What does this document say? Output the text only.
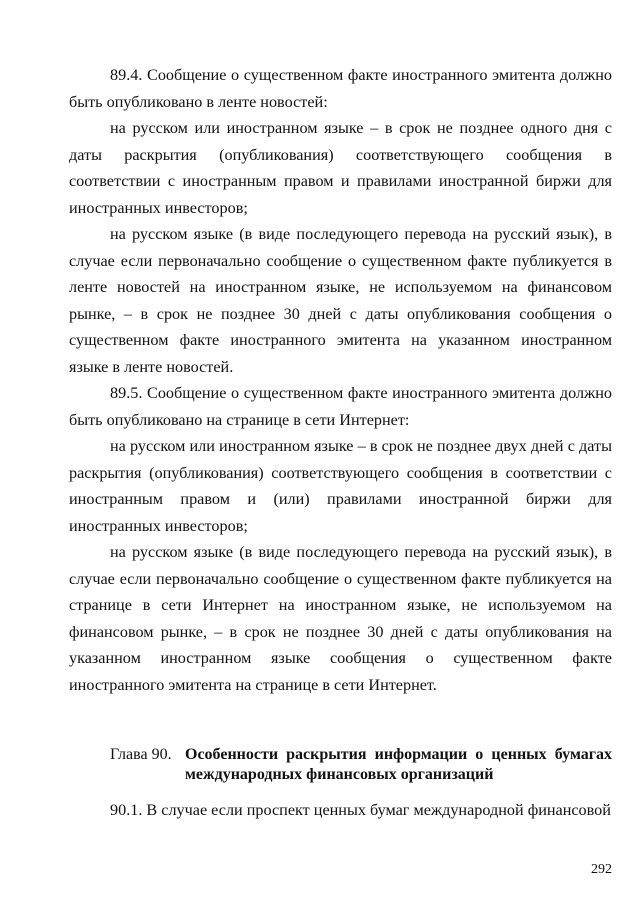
89.4. Сообщение о существенном факте иностранного эмитента должно быть опубликовано в ленте новостей:

на русском или иностранном языке – в срок не позднее одного дня с даты раскрытия (опубликования) соответствующего сообщения в соответствии с иностранным правом и правилами иностранной биржи для иностранных инвесторов;

на русском языке (в виде последующего перевода на русский язык), в случае если первоначально сообщение о существенном факте публикуется в ленте новостей на иностранном языке, не используемом на финансовом рынке, – в срок не позднее 30 дней с даты опубликования сообщения о существенном факте иностранного эмитента на указанном иностранном языке в ленте новостей.

89.5. Сообщение о существенном факте иностранного эмитента должно быть опубликовано на странице в сети Интернет:

на русском или иностранном языке – в срок не позднее двух дней с даты раскрытия (опубликования) соответствующего сообщения в соответствии с иностранным правом и (или) правилами иностранной биржи для иностранных инвесторов;

на русском языке (в виде последующего перевода на русский язык), в случае если первоначально сообщение о существенном факте публикуется на странице в сети Интернет на иностранном языке, не используемом на финансовом рынке, – в срок не позднее 30 дней с даты опубликования на указанном иностранном языке сообщения о существенном факте иностранного эмитента на странице в сети Интернет.

Глава 90. Особенности раскрытия информации о ценных бумагах международных финансовых организаций

90.1. В случае если проспект ценных бумаг международной финансовой

292
